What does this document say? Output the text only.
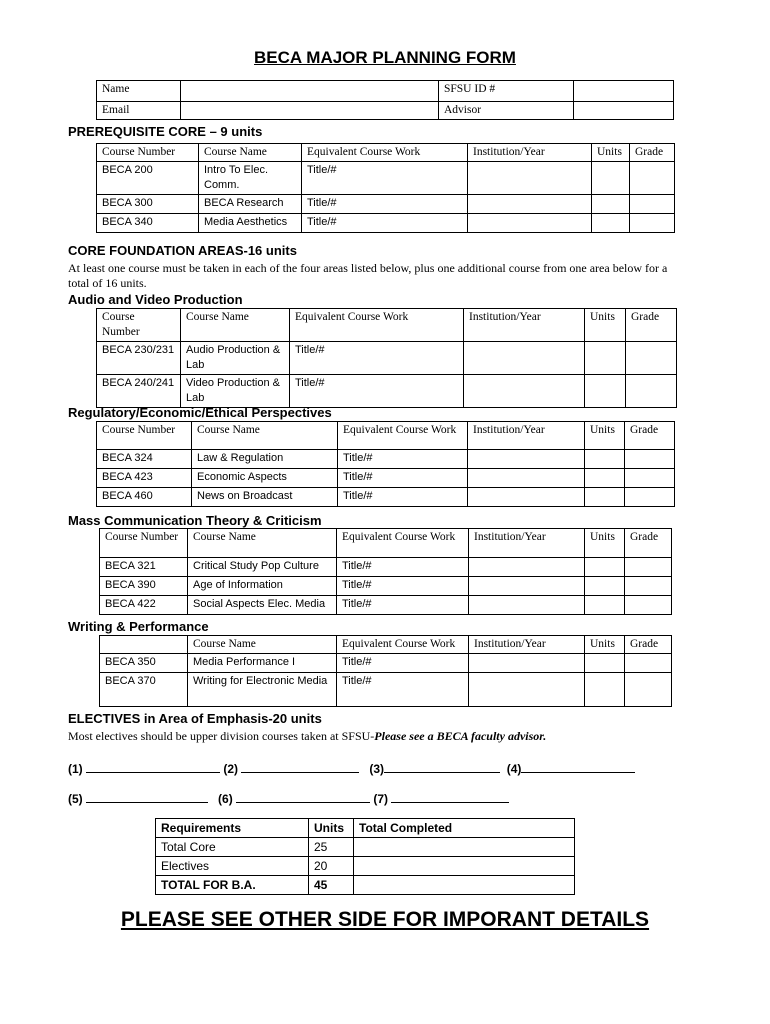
BECA MAJOR PLANNING FORM
Name		SFSU ID #	
Email		Advisor	
PREREQUISITE CORE – 9 units
Course Number	Course Name	Equivalent Course Work	Institution/Year	Units	Grade
BECA 200	Intro To Elec. Comm.	Title/#			
BECA 300	BECA Research	Title/#			
BECA 340	Media Aesthetics	Title/#			
CORE FOUNDATION AREAS-16 units
At least one course must be taken in each of the four areas listed below, plus one additional course from one area below for a total of 16 units.
Audio and Video Production
Course Number	Course Name	Equivalent Course Work	Institution/Year	Units	Grade
BECA 230/231	Audio Production & Lab	Title/#			
BECA 240/241	Video Production & Lab	Title/#			
Regulatory/Economic/Ethical Perspectives
Course Number	Course Name	Equivalent Course Work	Institution/Year	Units	Grade
BECA 324	Law & Regulation	Title/#			
BECA 423	Economic Aspects	Title/#			
BECA 460	News on Broadcast	Title/#			
Mass Communication Theory & Criticism
Course Number	Course Name	Equivalent Course Work	Institution/Year	Units	Grade
BECA 321	Critical Study Pop Culture	Title/#			
BECA 390	Age of Information	Title/#			
BECA 422	Social Aspects Elec. Media	Title/#			
Writing & Performance
	Course Name	Equivalent Course Work	Institution/Year	Units	Grade
BECA 350	Media Performance I	Title/#			
BECA 370	Writing for Electronic Media	Title/#			
ELECTIVES in Area of Emphasis-20 units
Most electives should be upper division courses taken at SFSU-Please see a BECA faculty advisor.
(1)	(2)	(3)	(4)
(5)	(6)	(7)
Requirements	Units	Total Completed
Total Core	25	
Electives	20	
TOTAL FOR B.A.	45	
PLEASE SEE OTHER SIDE FOR IMPORANT DETAILS
